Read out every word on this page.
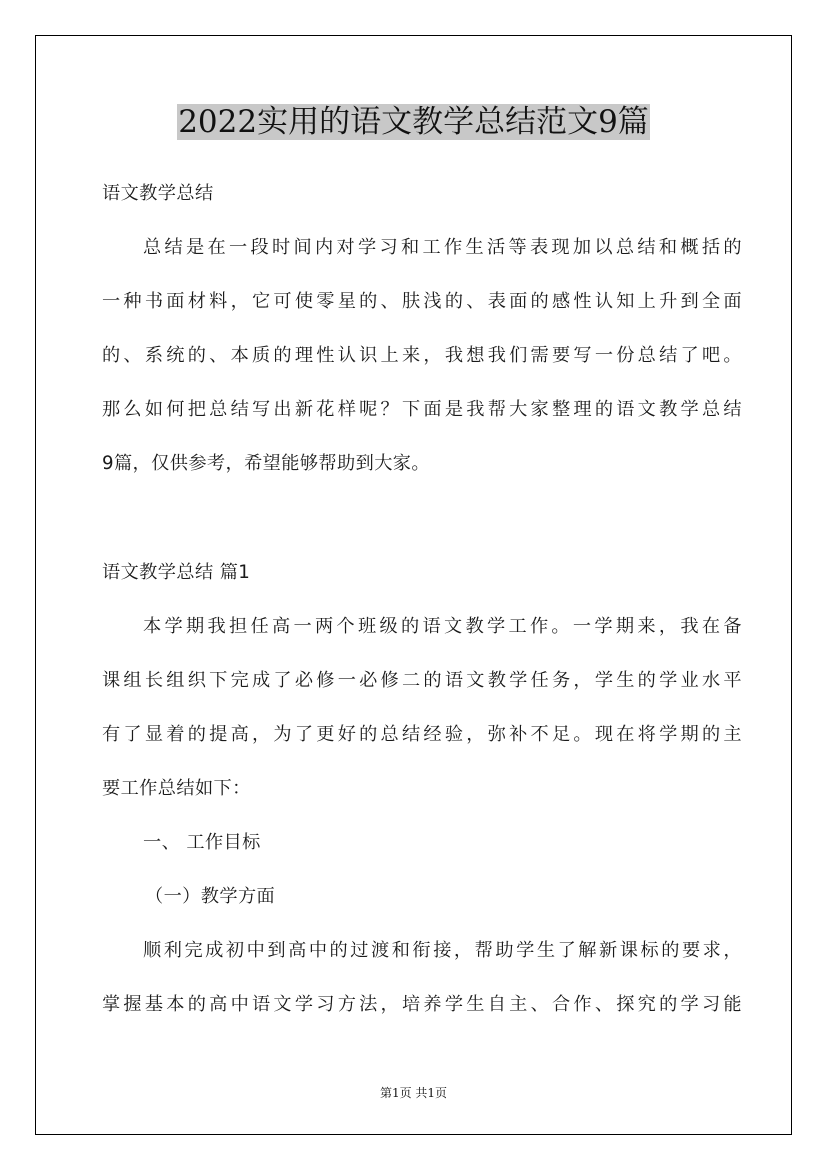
2022实用的语文教学总结范文9篇
语文教学总结
总结是在一段时间内对学习和工作生活等表现加以总结和概括的
一种书面材料，它可使零星的、肤浅的、表面的感性认知上升到全面
的、系统的、本质的理性认识上来，我想我们需要写一份总结了吧。
那么如何把总结写出新花样呢？下面是我帮大家整理的语文教学总结
9篇，仅供参考，希望能够帮助到大家。
语文教学总结 篇1
本学期我担任高一两个班级的语文教学工作。一学期来，我在备
课组长组织下完成了必修一必修二的语文教学任务，学生的学业水平
有了显着的提高，为了更好的总结经验，弥补不足。现在将学期的主
要工作总结如下：
一、 工作目标
（一）教学方面
顺利完成初中到高中的过渡和衔接，帮助学生了解新课标的要求，
掌握基本的高中语文学习方法，培养学生自主、合作、探究的学习能
第1页 共1页
